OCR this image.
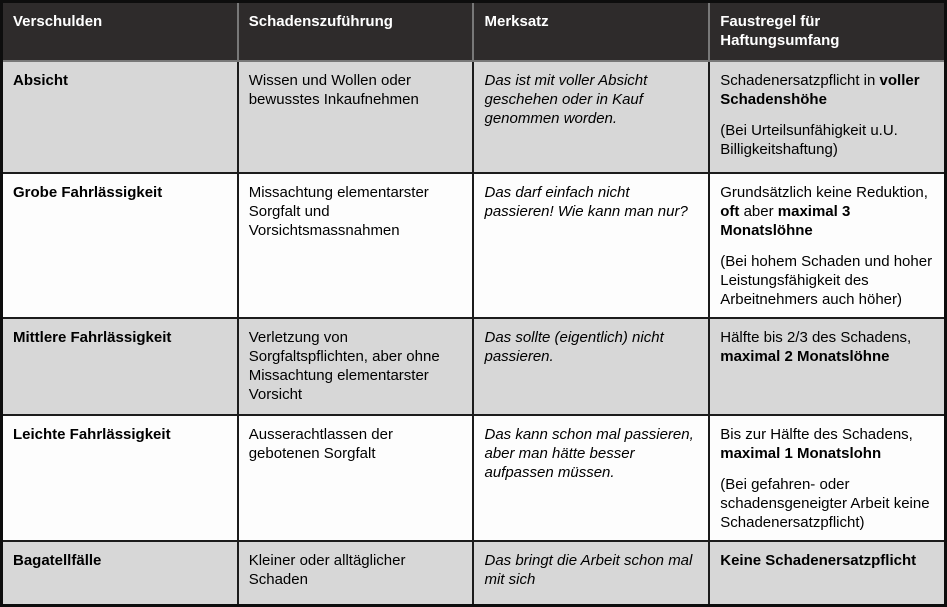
Verschulden	Schadenszuführung	Merksatz	Faustregel für Haftungsumfang
Absicht	Wissen und Wollen oder bewusstes Inkaufnehmen	Das ist mit voller Absicht geschehen oder in Kauf genommen worden.	Schadenersatzpflicht in voller Schadenshöhe

(Bei Urteilsunfähigkeit u.U. Billigkeitshaftung)

Grobe Fahrlässigkeit	Missachtung elementarster Sorgfalt und Vorsichtsmassnahmen	Das darf einfach nicht passieren! Wie kann man nur?	Grundsätzlich keine Reduktion, oft aber maximal 3 Monatslöhne

(Bei hohem Schaden und hoher Leistungsfähigkeit des Arbeitnehmers auch höher)

Mittlere Fahrlässigkeit	Verletzung von Sorgfaltspflichten, aber ohne Missachtung elementarster Vorsicht	Das sollte (eigentlich) nicht passieren.	Hälfte bis 2/3 des Schadens, maximal 2 Monatslöhne

Leichte Fahrlässigkeit	Ausserachtlassen der gebotenen Sorgfalt	Das kann schon mal passieren, aber man hätte besser aufpassen müssen.	Bis zur Hälfte des Schadens, maximal 1 Monatslohn

(Bei gefahren- oder schadensgeneigter Arbeit keine Schadenersatzpflicht)

Bagatellfälle	Kleiner oder alltäglicher Schaden	Das bringt die Arbeit schon mal mit sich	Keine Schadenersatzpflicht
